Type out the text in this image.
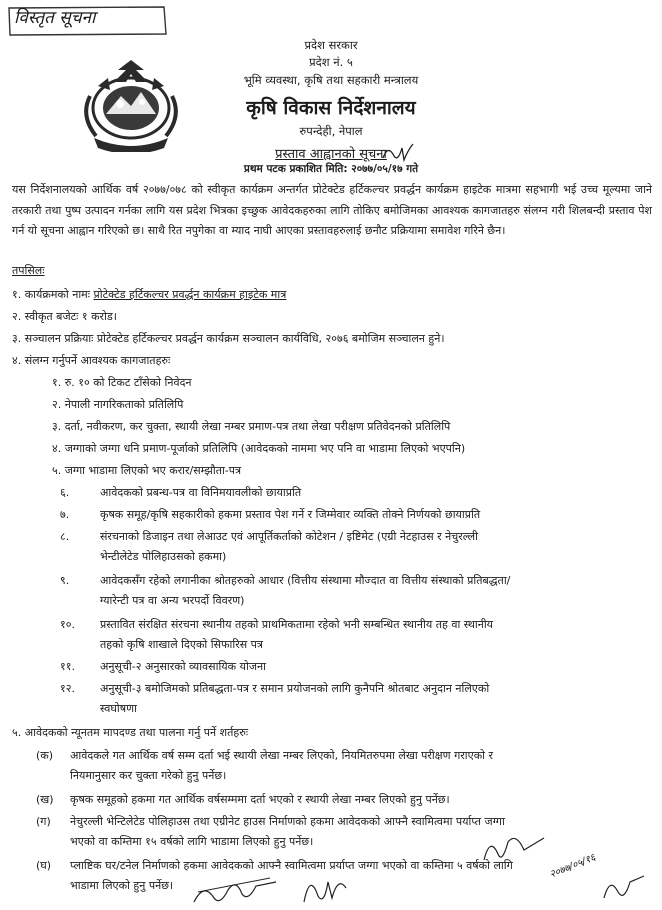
विस्तृत सूचना
प्रदेश सरकार
प्रदेश नं. ५
भूमि व्यवस्था, कृषि तथा सहकारी मन्त्रालय
कृषि विकास निर्देशनालय
रुपन्देही, नेपाल
प्रस्ताव आह्वानको सूचना
प्रथम पटक प्रकाशित मिति: २०७७/०५/१७ गते
यस निर्देशनालयको आर्थिक वर्ष २०७७/०७८ को स्वीकृत कार्यक्रम अन्तर्गत प्रोटेक्टेड हर्टिकल्चर प्रवर्द्धन कार्यक्रम हाइटेक मात्रमा सहभागी भई उच्च मूल्यमा जाने तरकारी तथा पुष्प उत्पादन गर्नका लागि यस प्रदेश भित्रका इच्छुक आवेदकहरुका लागि तोकिए बमोजिमका आवश्यक कागजातहरु संलग्न गरी शिलबन्दी प्रस्ताव पेश गर्न यो सूचना आह्वान गरिएको छ। साथै रित नपुगेका वा म्याद नाघी आएका प्रस्तावहरुलाई छनौट प्रक्रियामा समावेश गरिने छैन।
तपसिलः
१. कार्यक्रमको नामः प्रोटेक्टेड हर्टिकल्चर प्रवर्द्धन कार्यक्रम हाइटेक मात्र
२. स्वीकृत बजेटः १ करोड।
३. सञ्चालन प्रक्रियाः प्रोटेक्टेड हर्टिकल्चर प्रवर्द्धन कार्यक्रम सञ्चालन कार्यविधि, २०७६ बमोजिम सञ्चालन हुने।
४. संलग्न गर्नुपर्ने आवश्यक कागजातहरुः
१. रु. १० को टिकट टाँसेको निवेदन
२. नेपाली नागरिकताको प्रतिलिपि
३. दर्ता, नवीकरण, कर चुक्ता, स्थायी लेखा नम्बर प्रमाण-पत्र तथा लेखा परीक्षण प्रतिवेदनको प्रतिलिपि
४. जग्गाको जग्गा धनि प्रमाण-पूर्जाको प्रतिलिपि (आवेदकको नाममा भए पनि वा भाडामा लिएको भएपनि)
५. जग्गा भाडामा लिएको भए करार/सम्झौता-पत्र
६.	आवेदकको प्रबन्ध-पत्र वा विनिमयावलीको छायाप्रति
७.	कृषक समूह/कृषि सहकारीको हकमा प्रस्ताव पेश गर्ने र जिम्मेवार व्यक्ति तोक्ने निर्णयको छायाप्रति
८.	संरचनाको डिजाइन तथा लेआउट एवं आपूर्तिकर्ताको कोटेशन / इष्टिमेट (एग्री नेटहाउस र नेचुरल्ली
भेन्टीलेटेड पोलिहाउसको हकमा)
९.	आवेदकसँग रहेको लगानीका श्रोतहरुको आधार (वित्तीय संस्थामा मौज्दात वा वित्तीय संस्थाको प्रतिबद्धता/
ग्यारेन्टी पत्र वा अन्य भरपर्दो विवरण)
१०. प्रस्तावित संरक्षित संरचना स्थानीय तहको प्राथमिकतामा रहेको भनी सम्बन्धित स्थानीय तह वा स्थानीय
तहको कृषि शाखाले दिएको सिफारिस पत्र
११. अनुसूची-२ अनुसारको व्यावसायिक योजना
१२. अनुसूची-३ बमोजिमको प्रतिबद्धता-पत्र र समान प्रयोजनको लागि कुनैपनि श्रोतबाट अनुदान नलिएको
स्वघोषणा
५. आवेदकको न्यूनतम मापदण्ड तथा पालना गर्नु पर्ने शर्तहरुः
(क) आवेदकले गत आर्थिक वर्ष सम्म दर्ता भई स्थायी लेखा नम्बर लिएको, नियमितरुपमा लेखा परीक्षण गराएको र
नियमानुसार कर चुक्ता गरेको हुनु पर्नेछ।
(ख) कृषक समूहको हकमा गत आर्थिक वर्षसम्ममा दर्ता भएको र स्थायी लेखा नम्बर लिएको हुनु पर्नेछ।
(ग) नेचुरल्ली भेन्टिलेटेड पोलिहाउस तथा एग्रीनेट हाउस निर्माणको हकमा आवेदकको आफ्नै स्वामित्वमा पर्याप्त जग्गा
भएको वा कम्तिमा १५ वर्षको लागि भाडामा लिएको हुनु पर्नेछ।
(घ) प्लाष्टिक घर/टनेल निर्माणको हकमा आवेदकको आफ्नै स्वामित्वमा प्रर्याप्त जग्गा भएको वा कम्तिमा ५ वर्षको लागि
भाडामा लिएको हुनु पर्नेछ।
२०७७/०५/१६
